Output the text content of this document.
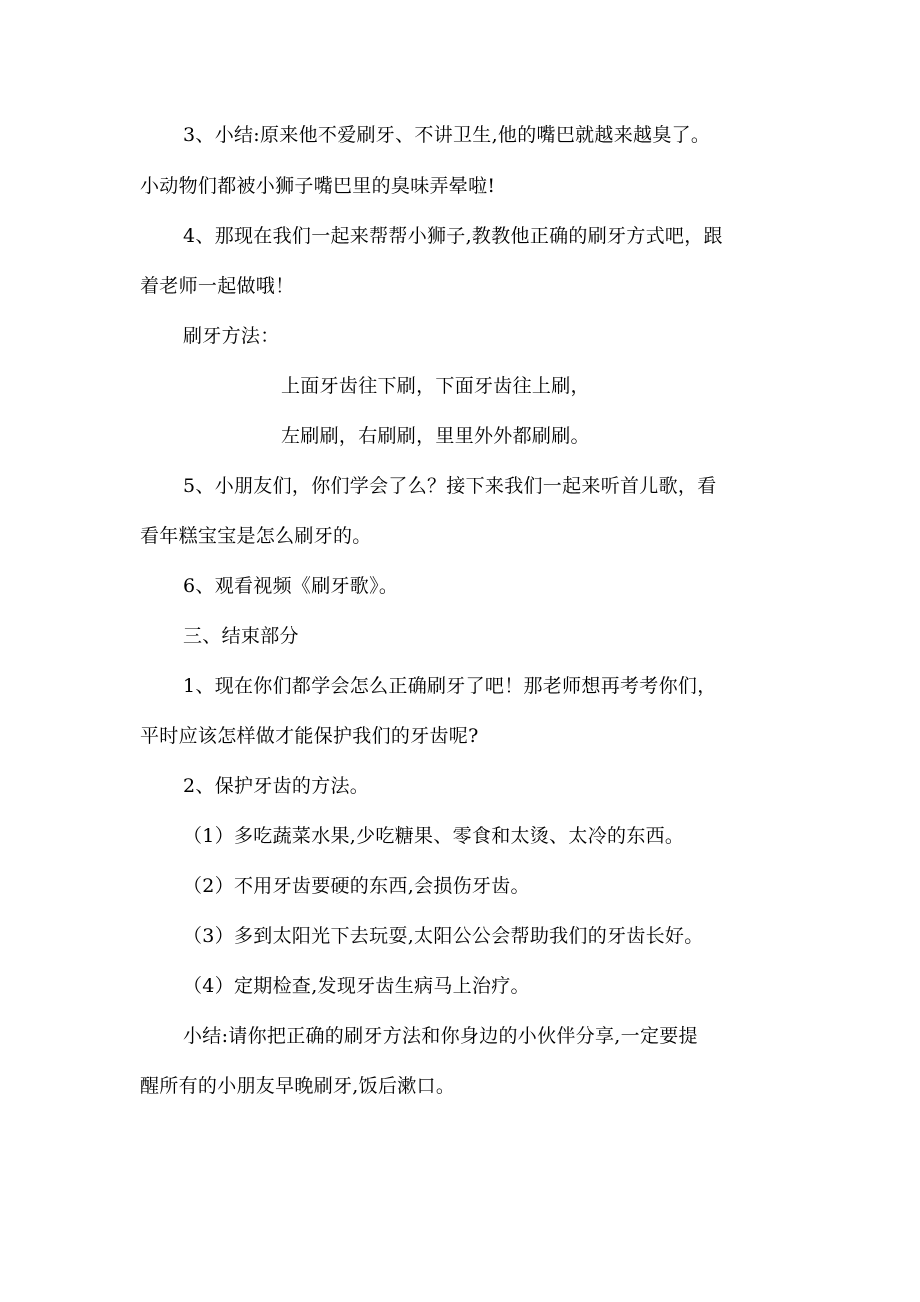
3、小结:原来他不爱刷牙、不讲卫生,他的嘴巴就越来越臭了。
小动物们都被小狮子嘴巴里的臭味弄晕啦!
4、那现在我们一起来帮帮小狮子,教教他正确的刷牙方式吧，跟
着老师一起做哦！
刷牙方法：
上面牙齿往下刷，下面牙齿往上刷，
左刷刷，右刷刷，里里外外都刷刷。
5、小朋友们，你们学会了么？接下来我们一起来听首儿歌，看
看年糕宝宝是怎么刷牙的。
6、观看视频《刷牙歌》。
三、结束部分
1、现在你们都学会怎么正确刷牙了吧！那老师想再考考你们，
平时应该怎样做才能保护我们的牙齿呢?
2、保护牙齿的方法。
（1）多吃蔬菜水果,少吃糖果、零食和太烫、太冷的东西。
（2）不用牙齿要硬的东西,会损伤牙齿。
（3）多到太阳光下去玩耍,太阳公公会帮助我们的牙齿长好。
（4）定期检查,发现牙齿生病马上治疗。
小结:请你把正确的刷牙方法和你身边的小伙伴分享,一定要提
醒所有的小朋友早晚刷牙,饭后漱口。
